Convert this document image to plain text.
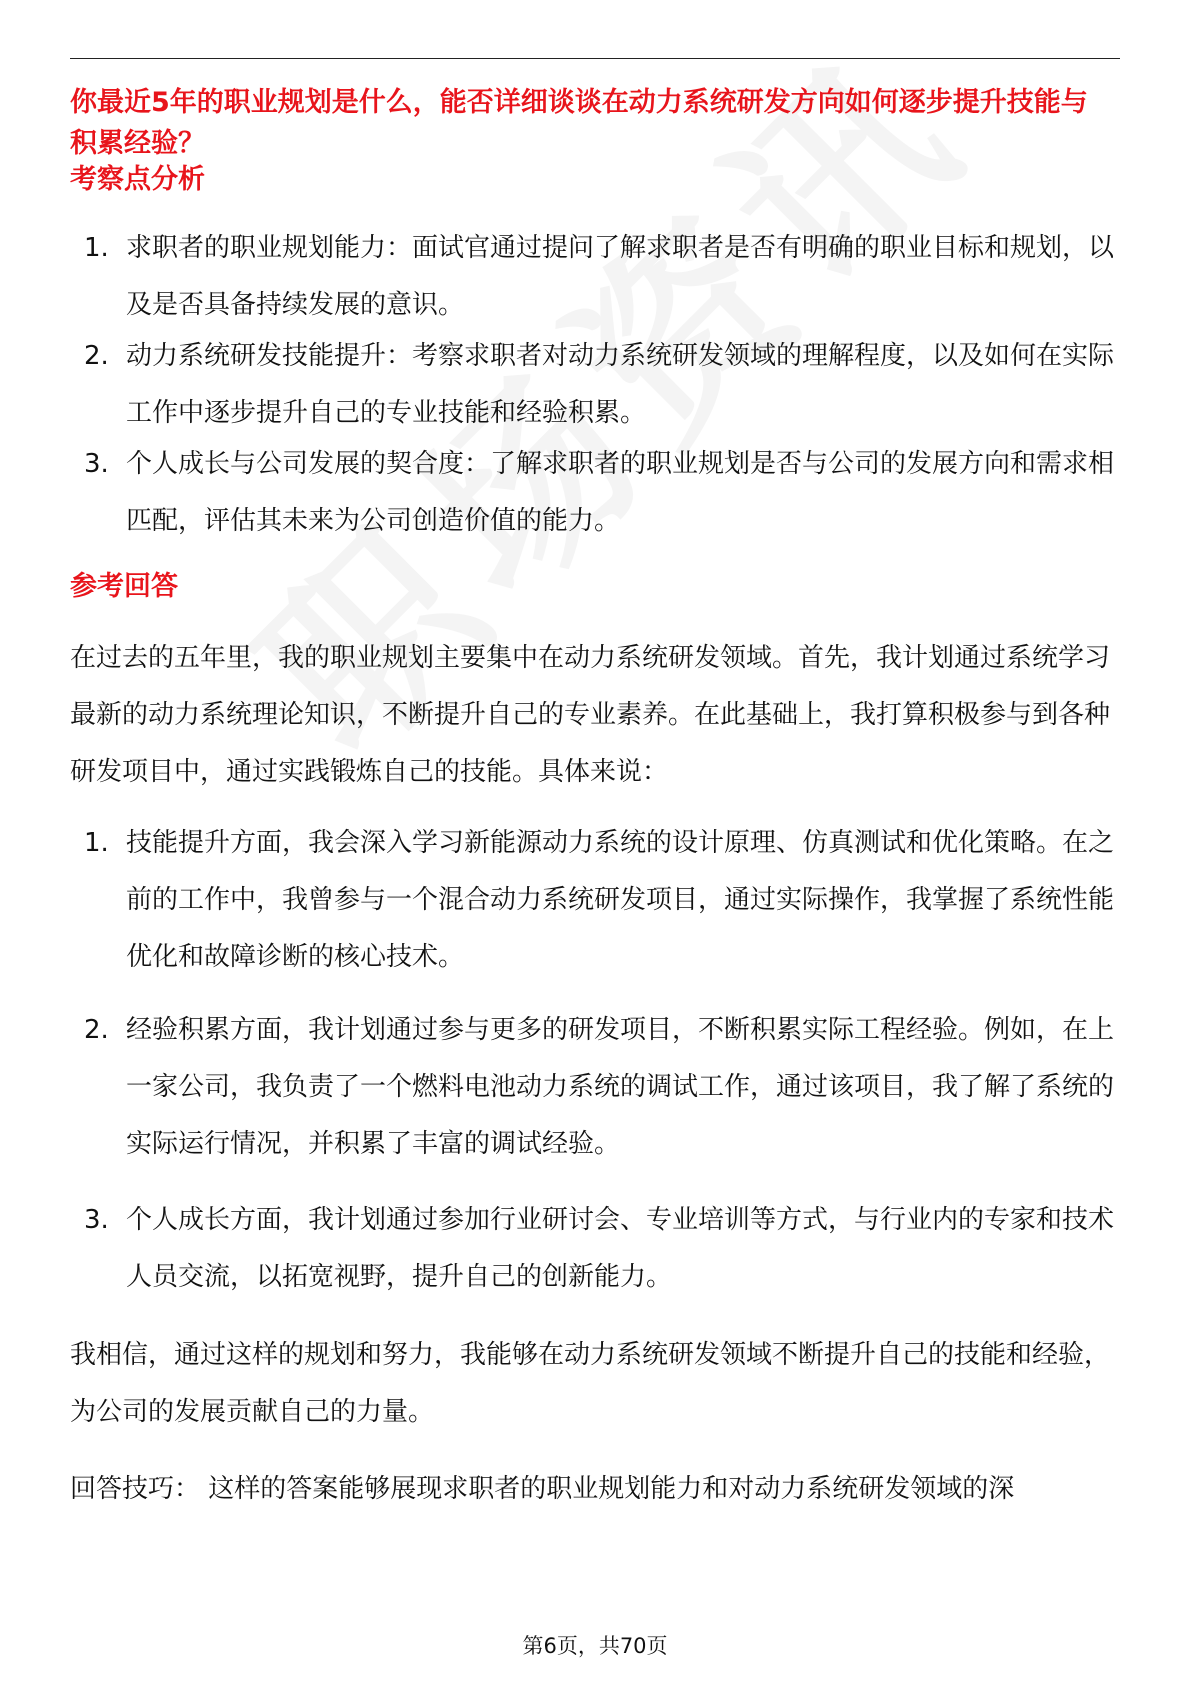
你最近5年的职业规划是什么，能否详细谈谈在动力系统研发方向如何逐步提升技能与积累经验？
考察点分析
1. 求职者的职业规划能力：面试官通过提问了解求职者是否有明确的职业目标和规划，以及是否具备持续发展的意识。
2. 动力系统研发技能提升：考察求职者对动力系统研发领域的理解程度，以及如何在实际工作中逐步提升自己的专业技能和经验积累。
3. 个人成长与公司发展的契合度：了解求职者的职业规划是否与公司的发展方向和需求相匹配，评估其未来为公司创造价值的能力。
参考回答
在过去的五年里，我的职业规划主要集中在动力系统研发领域。首先，我计划通过系统学习最新的动力系统理论知识，不断提升自己的专业素养。在此基础上，我打算积极参与到各种研发项目中，通过实践锻炼自己的技能。具体来说：
1. 技能提升方面，我会深入学习新能源动力系统的设计原理、仿真测试和优化策略。在之前的工作中，我曾参与一个混合动力系统研发项目，通过实际操作，我掌握了系统性能优化和故障诊断的核心技术。
2. 经验积累方面，我计划通过参与更多的研发项目，不断积累实际工程经验。例如，在上一家公司，我负责了一个燃料电池动力系统的调试工作，通过该项目，我了解了系统的实际运行情况，并积累了丰富的调试经验。
3. 个人成长方面，我计划通过参加行业研讨会、专业培训等方式，与行业内的专家和技术人员交流，以拓宽视野，提升自己的创新能力。
我相信，通过这样的规划和努力，我能够在动力系统研发领域不断提升自己的技能和经验，为公司的发展贡献自己的力量。
回答技巧： 这样的答案能够展现求职者的职业规划能力和对动力系统研发领域的深
第6页，共70页
